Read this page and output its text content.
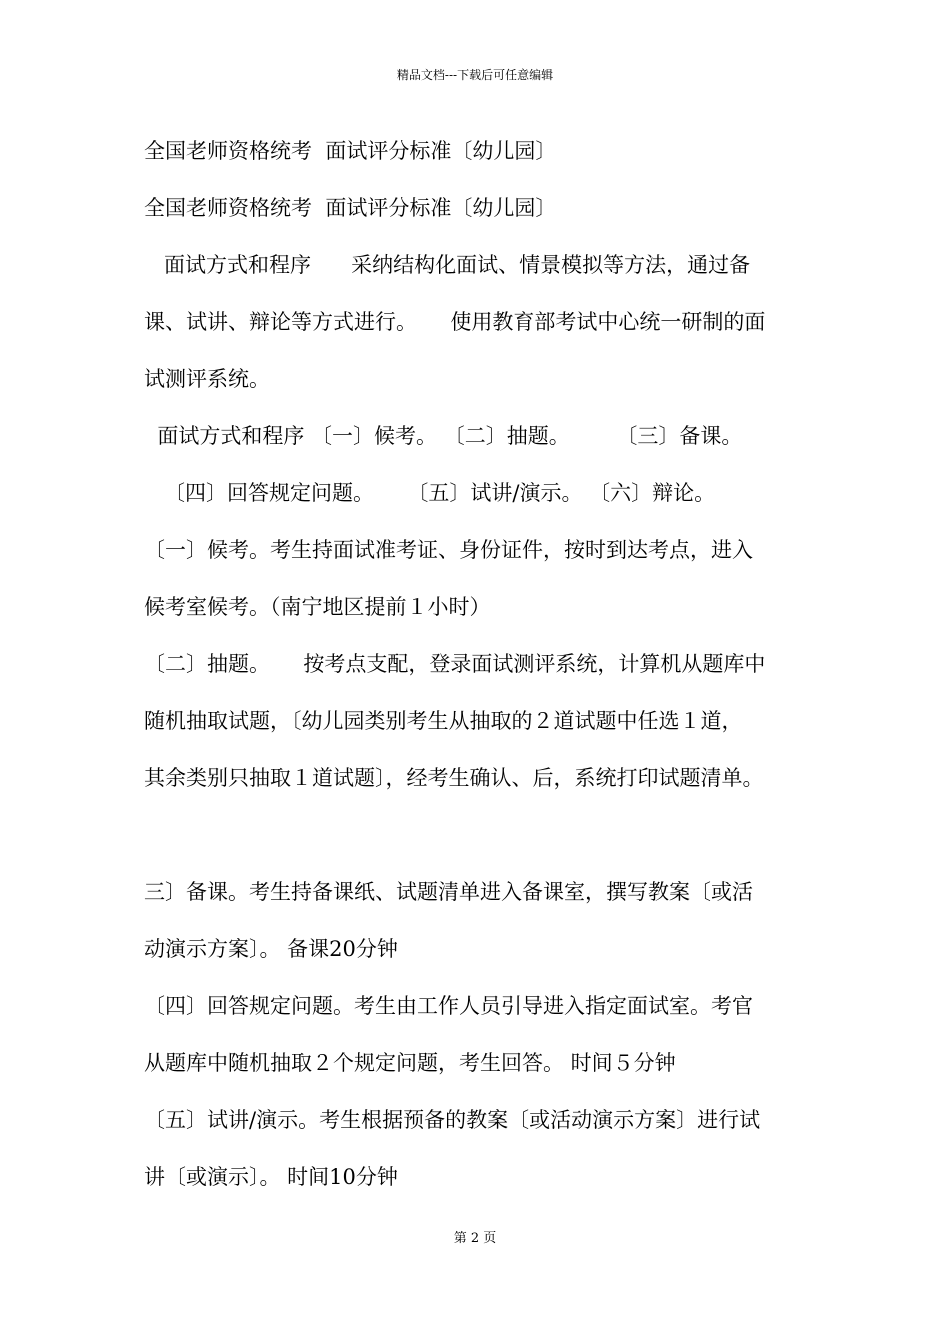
精品文档---下载后可任意编辑
全国老师资格统考  面试评分标准〔幼儿园〕
全国老师资格统考  面试评分标准〔幼儿园〕
面试方式和程序      采纳结构化面试、情景模拟等方法，通过备
课、试讲、辩论等方式进行。     使用教育部考试中心统一研制的面
试测评系统。
面试方式和程序 〔一〕候考。 〔二〕抽题。       〔三〕备课。
〔四〕回答规定问题。     〔五〕试讲/演示。 〔六〕辩论。
〔一〕候考。考生持面试准考证、身份证件，按时到达考点，进入
候考室候考。（南宁地区提前１小时）
〔二〕抽题。     按考点支配，登录面试测评系统，计算机从题库中
随机抽取试题，〔幼儿园类别考生从抽取的２道试题中任选１道，
其余类别只抽取１道试题〕，经考生确认、后，系统打印试题清单。
三〕备课。考生持备课纸、试题清单进入备课室，撰写教案〔或活
动演示方案〕。 备课20分钟
〔四〕回答规定问题。考生由工作人员引导进入指定面试室。考官
从题库中随机抽取２个规定问题，考生回答。 时间５分钟
〔五〕试讲/演示。考生根据预备的教案〔或活动演示方案〕进行试
讲〔或演示〕。 时间10分钟
第 2 页
